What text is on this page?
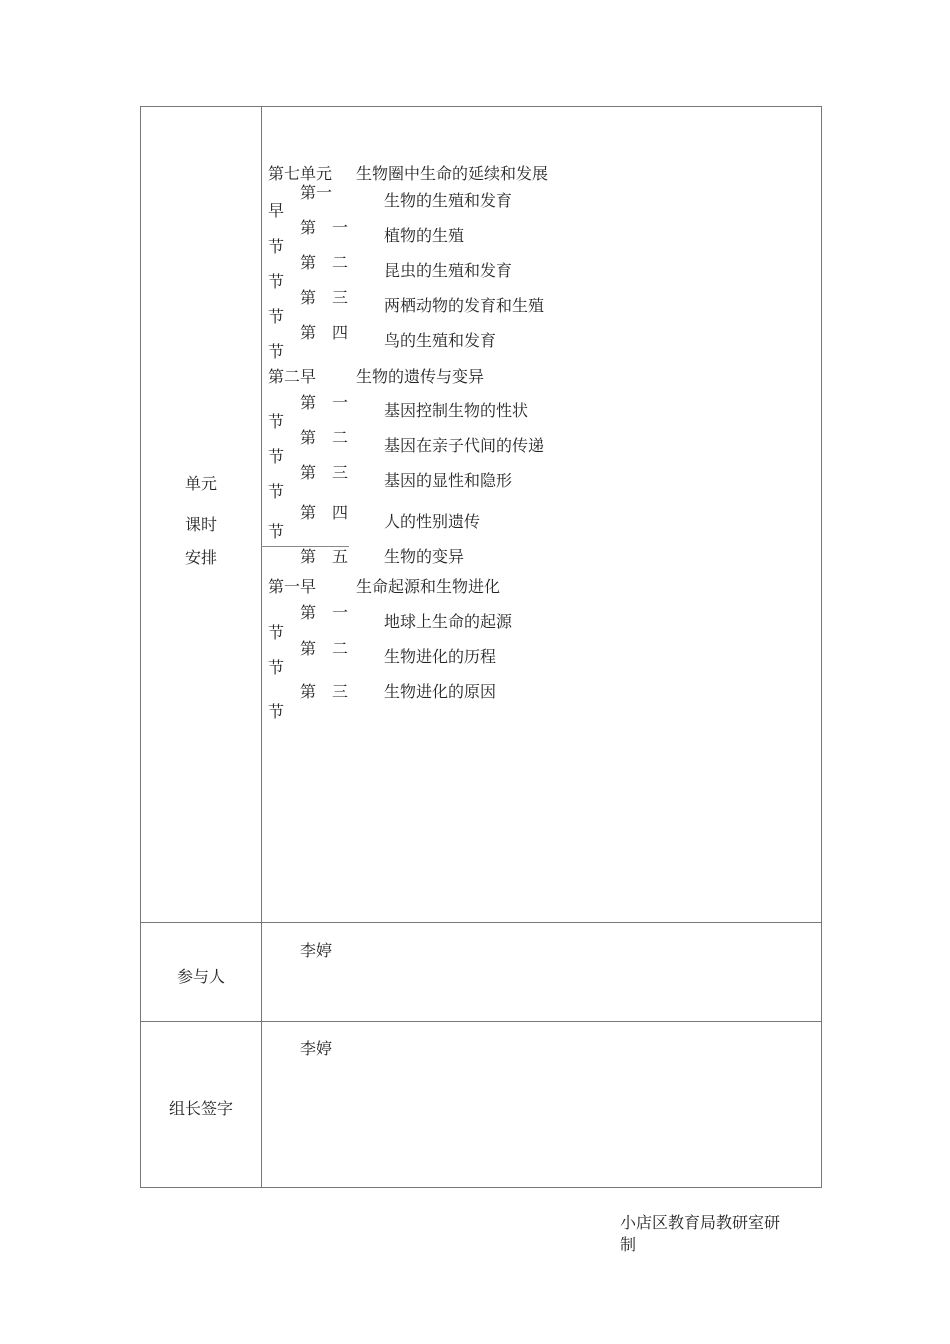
单元
课时
安排
参与人
组长签字
第七单元 生物圈中生命的延续和发展
第一
早
生物的生殖和发育
第　一 植物的生殖
节
第　二 昆虫的生殖和发育
节
第　三 两栖动物的发育和生殖
节
第　四 鸟的生殖和发育
节
第二早 生物的遗传与变异
第　一 基因控制生物的性状
节
第　二 基因在亲子代间的传递
节
第　三 基因的显性和隐形
节
第　四 人的性别遗传
节
第　五 生物的变异
第一早 生命起源和生物进化
第　一 地球上生命的起源
节
第　二 生物进化的历程
节
第　三 生物进化的原因
节
李婷
李婷
小店区教育局教研室研
制
